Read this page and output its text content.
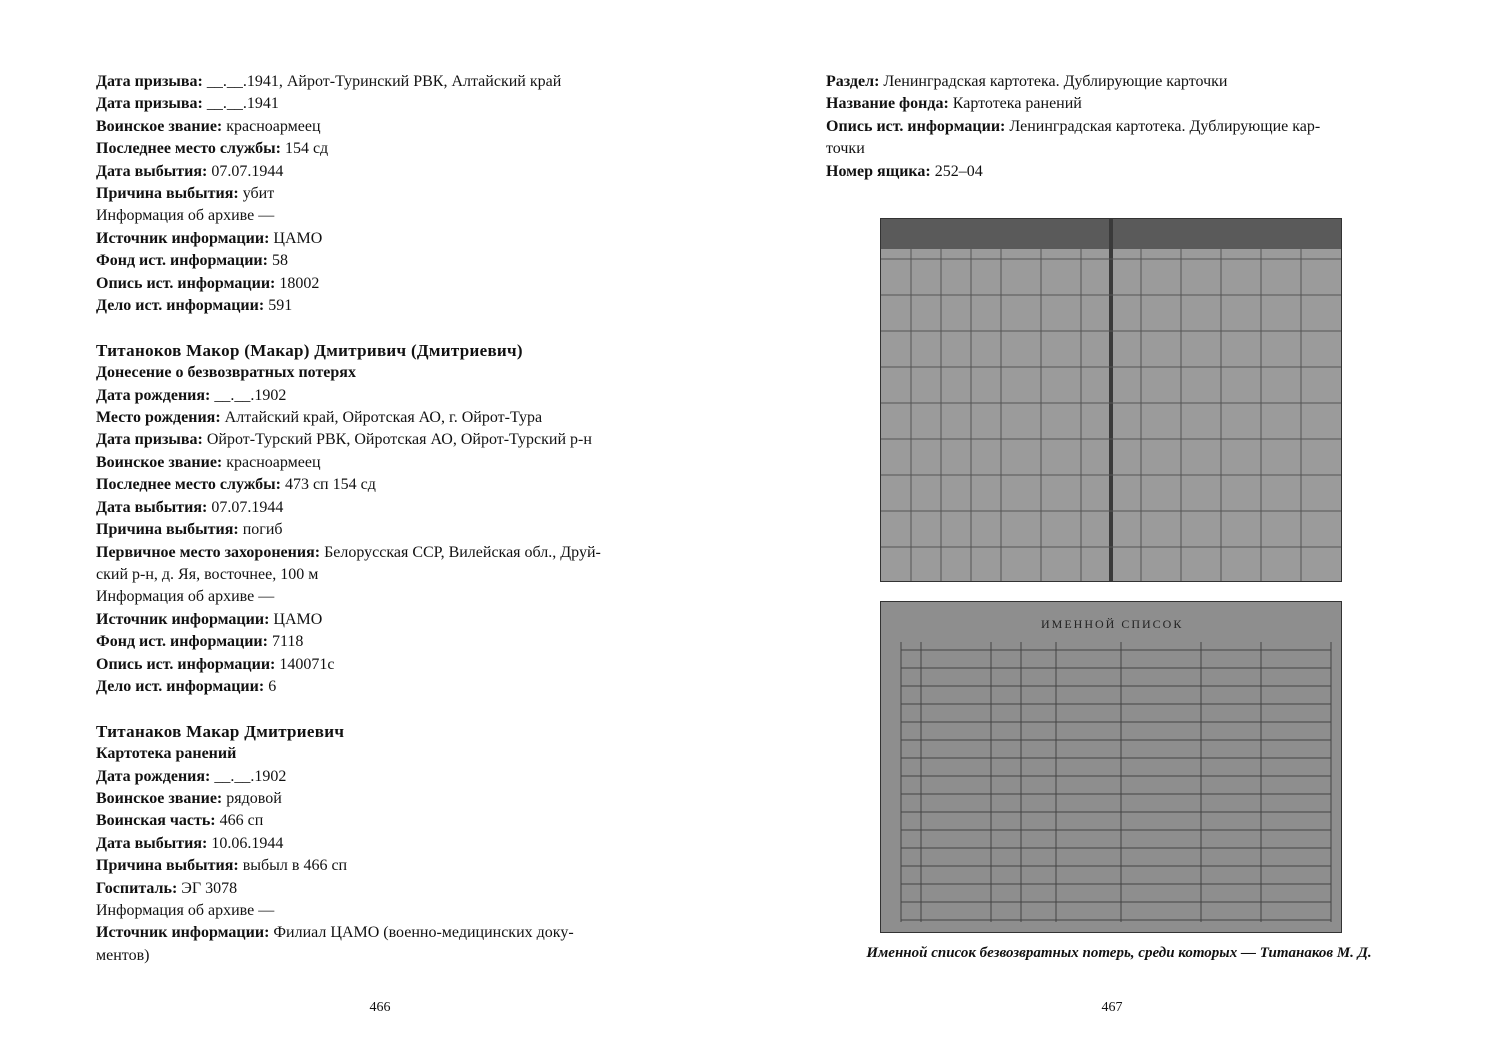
Дата призыва: __.__.1941, Айрот-Туринский РВК, Алтайский край
Дата призыва: __.__.1941
Воинское звание: красноармеец
Последнее место службы: 154 сд
Дата выбытия: 07.07.1944
Причина выбытия: убит
Информация об архиве —
Источник информации: ЦАМО
Фонд ист. информации: 58
Опись ист. информации: 18002
Дело ист. информации: 591
Титаноков Макор (Макар) Дмитривич (Дмитриевич)
Донесение о безвозвратных потерях
Дата рождения: __.__.1902
Место рождения: Алтайский край, Ойротская АО, г. Ойрот-Тура
Дата призыва: Ойрот-Турский РВК, Ойротская АО, Ойрот-Турский р-н
Воинское звание: красноармеец
Последнее место службы: 473 сп 154 сд
Дата выбытия: 07.07.1944
Причина выбытия: погиб
Первичное место захоронения: Белорусская ССР, Вилейская обл., Друй-
ский р-н, д. Яя, восточнее, 100 м
Информация об архиве —
Источник информации: ЦАМО
Фонд ист. информации: 7118
Опись ист. информации: 140071с
Дело ист. информации: 6
Титанаков Макар Дмитриевич
Картотека ранений
Дата рождения: __.__.1902
Воинское звание: рядовой
Воинская часть: 466 сп
Дата выбытия: 10.06.1944
Причина выбытия: выбыл в 466 сп
Госпиталь: ЭГ 3078
Информация об архиве —
Источник информации: Филиал ЦАМО (военно-медицинских доку-
ментов)
466
Раздел: Ленинградская картотека. Дублирующие карточки
Название фонда: Картотека ранений
Опись ист. информации: Ленинградская картотека. Дублирующие кар-
точки
Номер ящика: 252–04
ИМЕННОЙ СПИСОК
Именной список безвозвратных потерь, среди которых — Титанаков М. Д.
467
